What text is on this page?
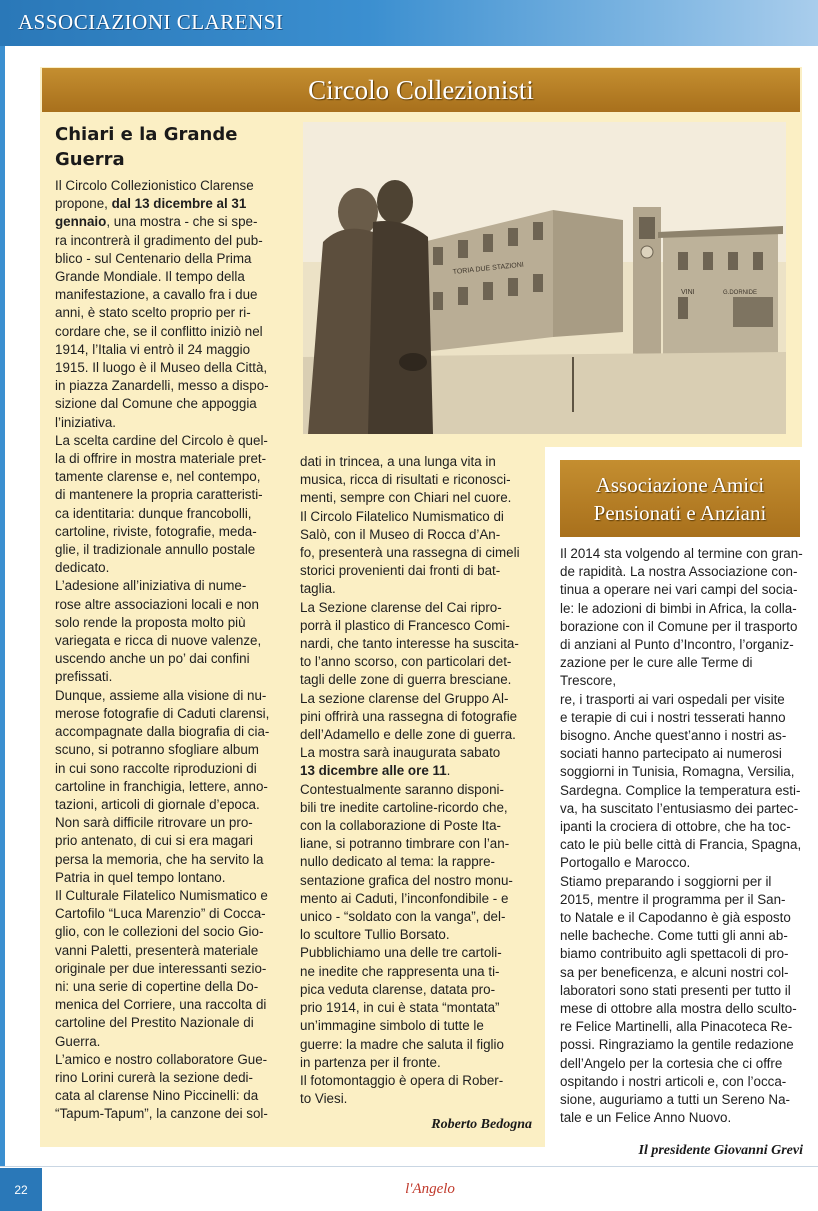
ASSOCIAZIONI CLARENSI
Circolo Collezionisti
Chiari e la Grande
Guerra

Il Circolo Collezionistico Clarense

propone, dal 13 dicembre al 31

gennaio, una mostra - che si spe-

ra incontrerà il gradimento del pub-

blico - sul Centenario della Prima

Grande Mondiale. Il tempo della

manifestazione, a cavallo fra i due

anni, è stato scelto proprio per ri-

cordare che, se il conflitto iniziò nel

1914, l’Italia vi entrò il 24 maggio

1915. Il luogo è il Museo della Città,

in piazza Zanardelli, messo a dispo-

sizione dal Comune che appoggia

l’iniziativa.

La scelta cardine del Circolo è quel-

la di offrire in mostra materiale pret-

tamente clarense e, nel contempo,

di mantenere la propria caratteristi-

ca identitaria: dunque francobolli,

cartoline, riviste, fotografie, meda-

glie, il tradizionale annullo postale

dedicato.

L’adesione all’iniziativa di nume-

rose altre associazioni locali e non

solo rende la proposta molto più

variegata e ricca di nuove valenze,

uscendo anche un po’ dai confini

prefissati.

Dunque, assieme alla visione di nu-

merose fotografie di Caduti clarensi,

accompagnate dalla biografia di cia-

scuno, si potranno sfogliare album

in cui sono raccolte riproduzioni di

cartoline in franchigia, lettere, anno-

tazioni, articoli di giornale d’epoca.

Non sarà difficile ritrovare un pro-

prio antenato, di cui si era magari

persa la memoria, che ha servito la

Patria in quel tempo lontano.

Il Culturale Filatelico Numismatico e

Cartofilo “Luca Marenzio” di Coccа-

glio, con le collezioni del socio Gio-

vanni Paletti, presenterà materiale

originale per due interessanti sezio-

ni: una serie di copertine della Do-

menica del Corriere, una raccolta di

cartoline del Prestito Nazionale di

Guerra.

L’amico e nostro collaboratore Gue-

rino Lorini curerà la sezione dedi-

cata al clarense Nino Piccinelli: da

“Tapum-Tapum”, la canzone dei sol-

TORIA DUE STAZIONI
VINI	G.DORNIDE

dati in trincea, a una lunga vita in

musica, ricca di risultati e riconosci-

menti, sempre con Chiari nel cuore.

Il Circolo Filatelico Numismatico di

Salò, con il Museo di Rocca d’An-

fo, presenterà una rassegna di cimeli

storici provenienti dai fronti di bat-

taglia.

La Sezione clarense del Cai ripro-

porrà il plastico di Francesco Comi-

nardi, che tanto interesse ha suscita-

to l’anno scorso, con particolari det-

tagli delle zone di guerra bresciane.

La sezione clarense del Gruppo Al-

pini offrirà una rassegna di fotografie

dell’Adamello e delle zone di guerra.

La mostra sarà inaugurata sabato

13 dicembre alle ore 11.

Contestualmente saranno disponi-

bili tre inedite cartoline-ricordo che,

con la collaborazione di Poste Ita-

liane, si potranno timbrare con l’an-

nullo dedicato al tema: la rappre-

sentazione grafica del nostro monu-

mento ai Caduti, l’inconfondibile - e

unico - “soldato con la vanga”, del-

lo scultore Tullio Borsato.

Pubblichiamo una delle tre cartoli-

ne inedite che rappresenta una ti-

pica veduta clarense, datata pro-

prio 1914, in cui è stata “montata”

un’immagine simbolo di tutte le

guerre: la madre che saluta il figlio

in partenza per il fronte.

Il fotomontaggio è opera di Rober-

to Viesi.

Roberto Bedogna
Associazione Amici
Pensionati e Anziani

Il 2014 sta volgendo al termine con gran-

de rapidità. La nostra Associazione con-

tinua a operare nei vari campi del socia-

le: le adozioni di bimbi in Africa, la colla-

borazione con il Comune per il trasporto

di anziani al Punto d’Incontro, l’organiz-

zazione per le cure alle Terme di Trescore,

re, i trasporti ai vari ospedali per visite

e terapie di cui i nostri tesserati hanno

bisogno. Anche quest’anno i nostri as-

sociati hanno partecipato ai numerosi

soggiorni in Tunisia, Romagna, Versilia,

Sardegna. Complice la temperatura esti-

va, ha suscitato l’entusiasmo dei partec-

ipanti la crociera di ottobre, che ha toc-

cato le più belle città di Francia, Spagna,

Portogallo e Marocco.

Stiamo preparando i soggiorni per il

2015, mentre il programma per il San-

to Natale e il Capodanno è già esposto

nelle bacheche. Come tutti gli anni ab-

biamo contribuito agli spettacoli di pro-

sa per beneficenza, e alcuni nostri col-

laboratori sono stati presenti per tutto il

mese di ottobre alla mostra dello sculto-

re Felice Martinelli, alla Pinacoteca Re-

possi. Ringraziamo la gentile redazione

dell’Angelo per la cortesia che ci offre

ospitando i nostri articoli e, con l’occa-

sione, auguriamo a tutti un Sereno Na-

tale e un Felice Anno Nuovo.

Il presidente Giovanni Grevi
22	l'Angelo
